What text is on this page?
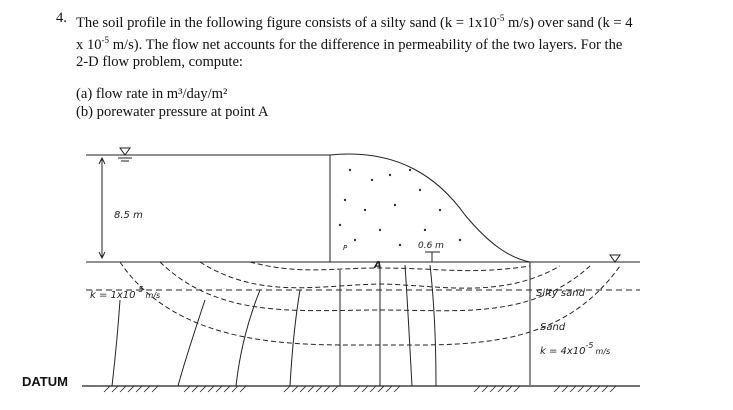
4. The soil profile in the following figure consists of a silty sand ($k = 1x10^{-5}$ m/s) over sand (k = 4
x $10^{-5}$ m/s). The flow net accounts for the difference in permeability of the two layers. For the
2-D flow problem, compute:
(a) flow rate in m³/day/m²
(b) porewater pressure at point A
8.5 m
0.6 m
A
P
$k = 1x10^{-5}_{m/s}$	Silty sand
Sand
$k = 4x10^{-5}_{m/s}$
DATUM
